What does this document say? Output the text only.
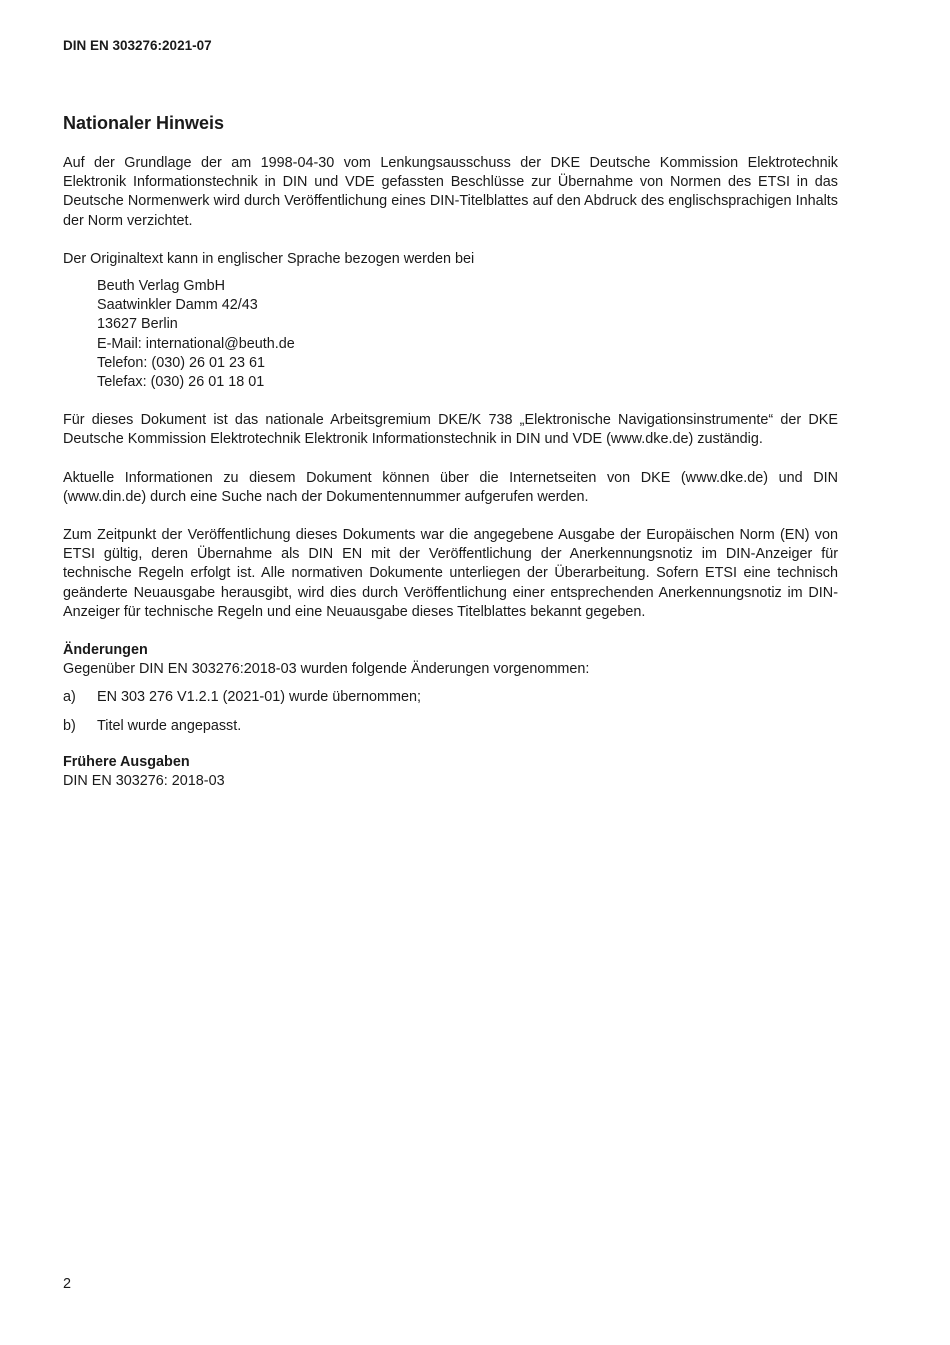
DIN EN 303276:2021-07

Nationaler Hinweis

Auf der Grundlage der am 1998-04-30 vom Lenkungsausschuss der DKE Deutsche Kommission Elektrotechnik Elektronik Informationstechnik in DIN und VDE gefassten Beschlüsse zur Übernahme von Normen des ETSI in das Deutsche Normenwerk wird durch Veröffentlichung eines DIN-Titelblattes auf den Abdruck des englischsprachigen Inhalts der Norm verzichtet.

Der Originaltext kann in englischer Sprache bezogen werden bei

Beuth Verlag GmbH
Saatwinkler Damm 42/43
13627 Berlin
E-Mail: international@beuth.de
Telefon: (030) 26 01 23 61
Telefax: (030) 26 01 18 01

Für dieses Dokument ist das nationale Arbeitsgremium DKE/K 738 „Elektronische Navigationsinstrumente“ der DKE Deutsche Kommission Elektrotechnik Elektronik Informationstechnik in DIN und VDE (www.dke.de) zuständig.

Aktuelle Informationen zu diesem Dokument können über die Internetseiten von DKE (www.dke.de) und DIN (www.din.de) durch eine Suche nach der Dokumentennummer aufgerufen werden.

Zum Zeitpunkt der Veröffentlichung dieses Dokuments war die angegebene Ausgabe der Europäischen Norm (EN) von ETSI gültig, deren Übernahme als DIN EN mit der Veröffentlichung der Anerkennungsnotiz im DIN-Anzeiger für technische Regeln erfolgt ist. Alle normativen Dokumente unterliegen der Überarbeitung. Sofern ETSI eine technisch geänderte Neuausgabe herausgibt, wird dies durch Veröffentlichung einer entsprechenden Anerkennungsnotiz im DIN-Anzeiger für technische Regeln und eine Neuausgabe dieses Titelblattes bekannt gegeben.

Änderungen

Gegenüber DIN EN 303276:2018-03 wurden folgende Änderungen vorgenommen:

a)	EN 303 276 V1.2.1 (2021-01) wurde übernommen;
b)	Titel wurde angepasst.

Frühere Ausgaben

DIN EN 303276: 2018-03

2
